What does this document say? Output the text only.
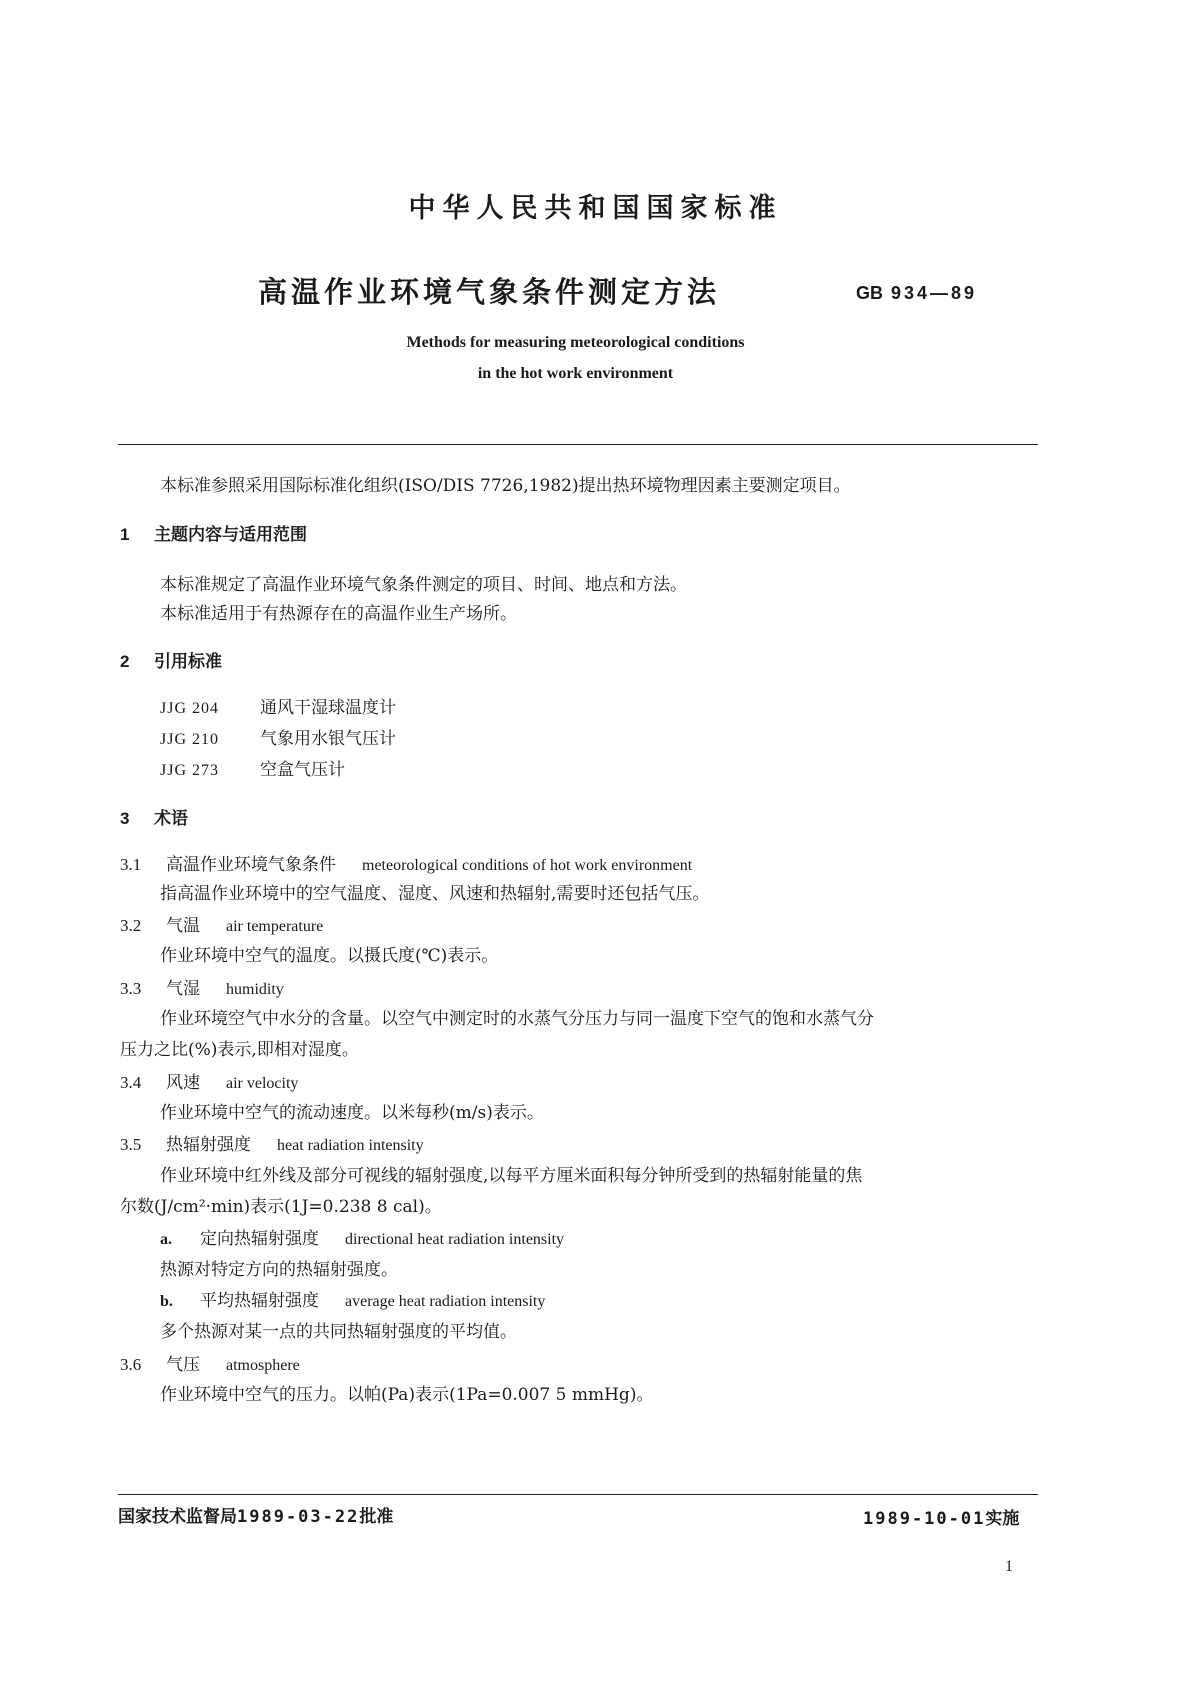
中华人民共和国国家标准
高温作业环境气象条件测定方法	GB 934—89
Methods for measuring meteorological conditions
in the hot work environment
本标准参照采用国际标准化组织(ISO/DIS 7726,1982)提出热环境物理因素主要测定项目。
1 主题内容与适用范围
本标准规定了高温作业环境气象条件测定的项目、时间、地点和方法。
本标准适用于有热源存在的高温作业生产场所。
2 引用标准
JJG 204 通风干湿球温度计
JJG 210 气象用水银气压计
JJG 273 空盒气压计
3 术语
3.1 高温作业环境气象条件 meteorological conditions of hot work environment
指高温作业环境中的空气温度、湿度、风速和热辐射,需要时还包括气压。
3.2 气温 air temperature
作业环境中空气的温度。以摄氏度(℃)表示。
3.3 气湿 humidity
作业环境空气中水分的含量。以空气中测定时的水蒸气分压力与同一温度下空气的饱和水蒸气分
压力之比(%)表示,即相对湿度。
3.4 风速 air velocity
作业环境中空气的流动速度。以米每秒(m/s)表示。
3.5 热辐射强度 heat radiation intensity
作业环境中红外线及部分可视线的辐射强度,以每平方厘米面积每分钟所受到的热辐射能量的焦
尔数(J/cm²·min)表示(1J=0.238 8 cal)。
a. 定向热辐射强度 directional heat radiation intensity
热源对特定方向的热辐射强度。
b. 平均热辐射强度 average heat radiation intensity
多个热源对某一点的共同热辐射强度的平均值。
3.6 气压 atmosphere
作业环境中空气的压力。以帕(Pa)表示(1Pa=0.007 5 mmHg)。
国家技术监督局1989-03-22批准	1989-10-01实施
1
